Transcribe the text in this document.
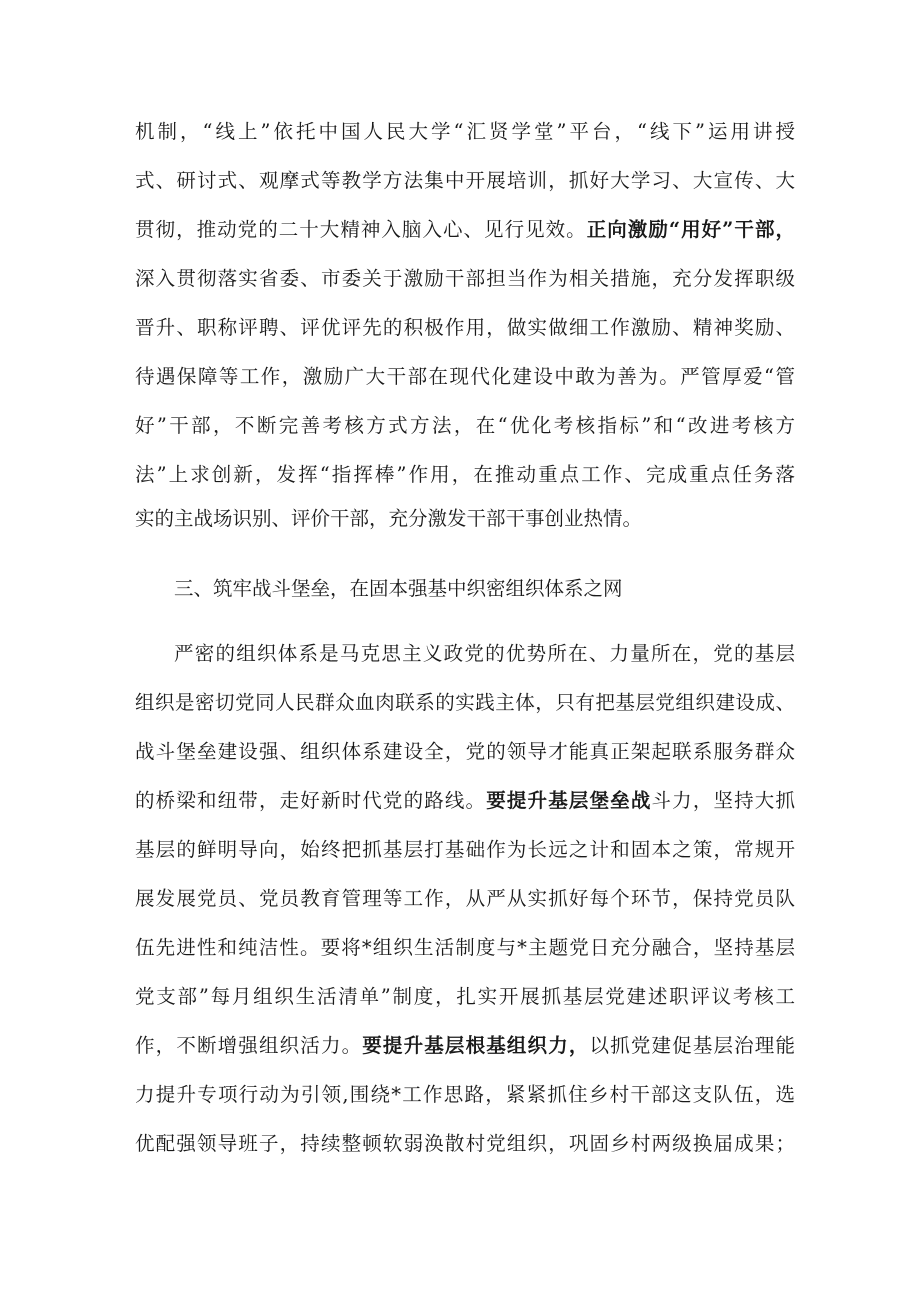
机制，“线上”依托中国人民大学“汇贤学堂”平台，“线下”运用讲授
式、研讨式、观摩式等教学方法集中开展培训，抓好大学习、大宣传、大
贯彻，推动党的二十大精神入脑入心、见行见效。正向激励“用好”干部，
深入贯彻落实省委、市委关于激励干部担当作为相关措施，充分发挥职级
晋升、职称评聘、评优评先的积极作用，做实做细工作激励、精神奖励、
待遇保障等工作，激励广大干部在现代化建设中敢为善为。严管厚爱“管
好”干部，不断完善考核方式方法，在“优化考核指标”和“改进考核方
法”上求创新，发挥“指挥棒”作用，在推动重点工作、完成重点任务落
实的主战场识别、评价干部，充分激发干部干事创业热情。
三、筑牢战斗堡垒，在固本强基中织密组织体系之网
严密的组织体系是马克思主义政党的优势所在、力量所在，党的基层
组织是密切党同人民群众血肉联系的实践主体，只有把基层党组织建设成、
战斗堡垒建设强、组织体系建设全，党的领导才能真正架起联系服务群众
的桥梁和纽带，走好新时代党的路线。要提升基层堡垒战斗力，坚持大抓
基层的鲜明导向，始终把抓基层打基础作为长远之计和固本之策，常规开
展发展党员、党员教育管理等工作，从严从实抓好每个环节，保持党员队
伍先进性和纯洁性。要将*组织生活制度与*主题党日充分融合，坚持基层
党支部”每月组织生活清单”制度，扎实开展抓基层党建述职评议考核工
作，不断增强组织活力。要提升基层根基组织力，以抓党建促基层治理能
力提升专项行动为引领,围绕*工作思路，紧紧抓住乡村干部这支队伍，选
优配强领导班子，持续整顿软弱涣散村党组织，巩固乡村两级换届成果；
